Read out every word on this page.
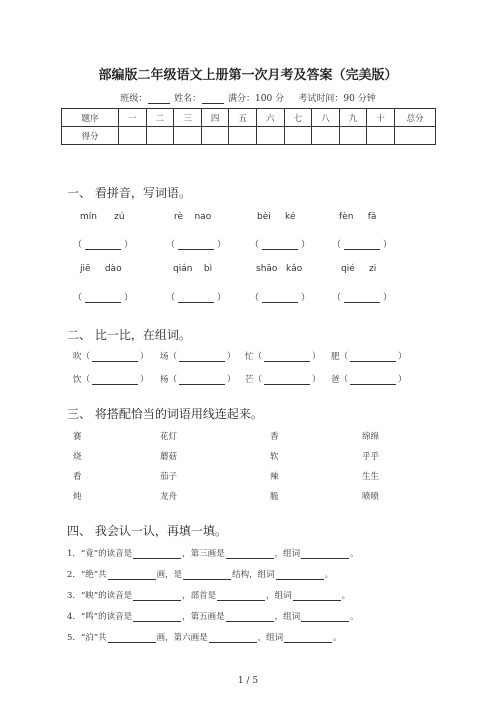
部编版二年级语文上册第一次月考及答案（完美版）
班级：	姓名：	满分：100 分 考试时间：90 分钟
题序	一	二	三	四	五	六	七	八	九	十	总分
得分											
一、 看拼音，写词语。
mín      zú	rè    nao	bèi     ké	fèn     fā
（	）	（	）	（	） （	）
jiē     dào	qián    bì	shāo   kǎo	qié     zi
（	）	（	）	（	） （	）
二、 比一比，在组词。
吹（	） 场（	） 忙（	） 肥（	）
饮（	） 杨（	） 芒（	） 爸（	）
三、 将搭配恰当的词语用线连起来。
赛	花灯	香	绵绵
烧	蘑菇	软	乎乎
看	茄子	辣	生生
炖	龙舟	脆	喷喷
四、 我会认一认，再填一填。
1．“竟”的读音是	，第三画是	，组词	。
2．“绝”共	画，是	结构，组词	。
3．“映”的读音是	，部首是	，组词	。
4．“鸣”的读音是	，第五画是	，组词	。
5．“泊”共	画，第六画是	，组词	。
1 / 5
